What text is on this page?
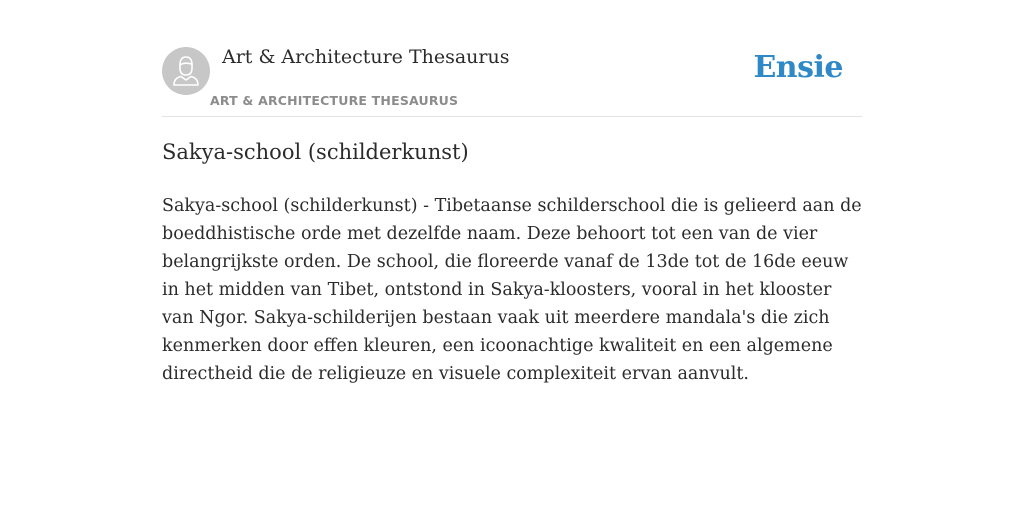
Art & Architecture Thesaurus
ART & ARCHITECTURE THESAURUS
Ensie
Sakya-school (schilderkunst)

Sakya-school (schilderkunst) - Tibetaanse schilderschool die is gelieerd aan de boeddhistische orde met dezelfde naam. Deze behoort tot een van de vier belangrijkste orden. De school, die floreerde vanaf de 13de tot de 16de eeuw in het midden van Tibet, ontstond in Sakya-kloosters, vooral in het klooster van Ngor. Sakya-schilderijen bestaan vaak uit meerdere mandala's die zich kenmerken door effen kleuren, een icoonachtige kwaliteit en een algemene directheid die de religieuze en visuele complexiteit ervan aanvult.
